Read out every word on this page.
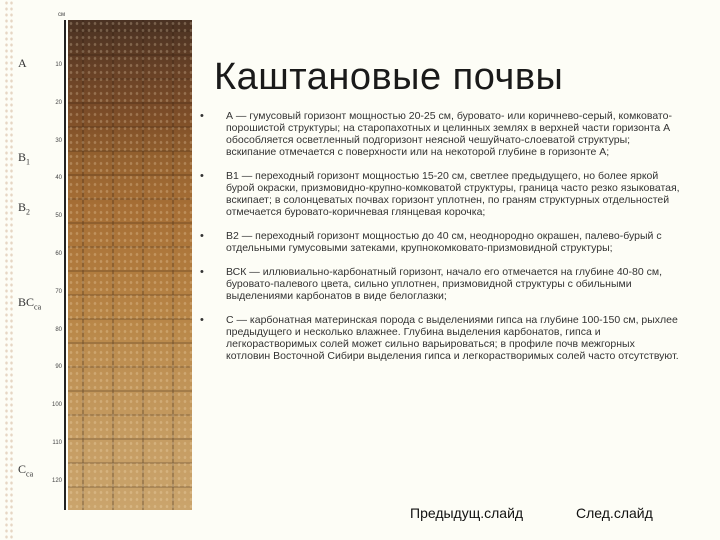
A
$B_1$
$B_2$
$BC_{ca}$
$C_{ca}$
см
10
20
30
40
50
60
70
80
90
100
110
120
Каштановые почвы
• А — гумусовый горизонт мощностью 20-25 см, буровато- или коричнево-серый, комковато-порошистой структуры; на старопахотных и целинных землях в верхней части горизонта А обособляется осветленный подгоризонт неясной чешуйчато-слоеватой структуры; вскипание отмечается с поверхности или на некоторой глубине в горизонте А;
• В1 — переходный горизонт мощностью 15-20 см, светлее предыдущего, но более яркой бурой окраски, призмовидно-крупно-комковатой структуры, граница часто резко языковатая, вскипает; в солонцеватых почвах горизонт уплотнен, по граням структурных отдельностей отмечается буровато-коричневая глянцевая корочка;
• В2 — переходный горизонт мощностью до 40 см, неоднородно окрашен, палево-бурый с отдельными гумусовыми затеками, крупнокомковато-призмовидной структуры;
• ВСК — иллювиально-карбонатный горизонт, начало его отмечается на глубине 40-80 см, буровато-палевого цвета, сильно уплотнен, призмовидной структуры с обильными выделениями карбонатов в виде белоглазки;
• С — карбонатная материнская порода с выделениями гипса на глубине 100-150 см, рыхлее предыдущего и несколько влажнее. Глубина выделения карбонатов, гипса и легкорастворимых солей может сильно варьироваться; в профиле почв межгорных котловин Восточной Сибири выделения гипса и легкорастворимых солей часто отсутствуют.
Предыдущ.слайд	След.слайд
